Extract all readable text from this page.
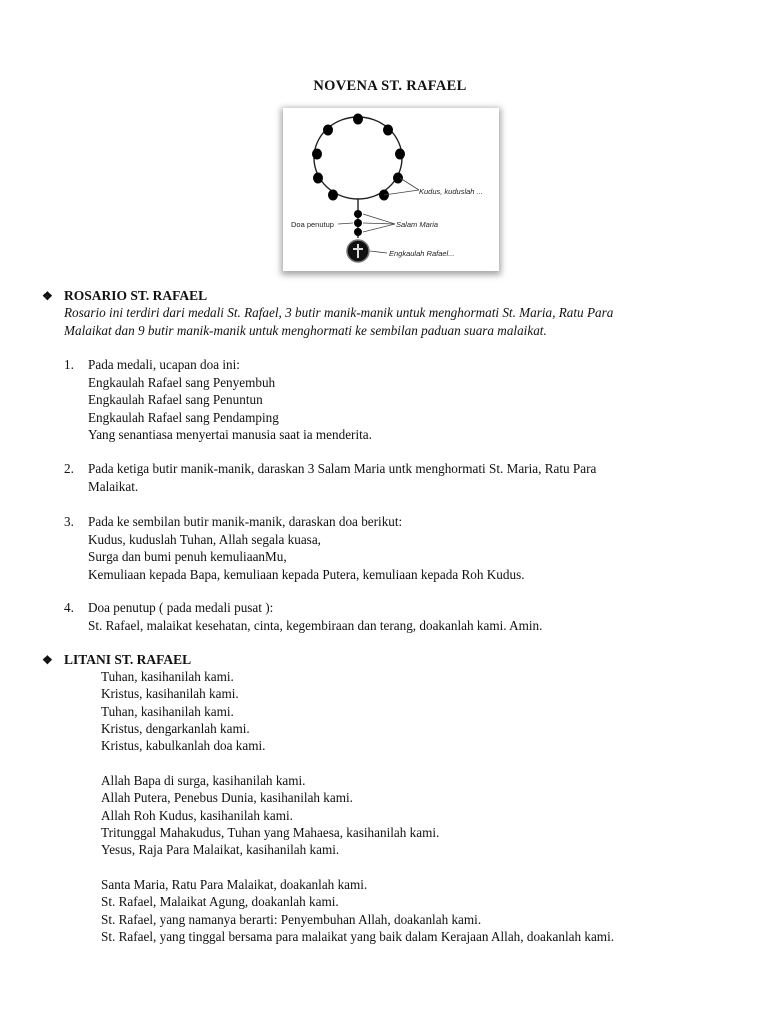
NOVENA ST. RAFAEL
Kudus, kuduslah ...
Doa penutup	Salam Maria
Engkaulah Rafael...
❖ ROSARIO ST. RAFAEL
Rosario ini terdiri dari medali St. Rafael, 3 butir manik-manik untuk menghormati St. Maria, Ratu Para
Malaikat dan 9 butir manik-manik untuk menghormati ke sembilan paduan suara malaikat.
1. Pada medali, ucapan doa ini:
Engkaulah Rafael sang Penyembuh
Engkaulah Rafael sang Penuntun
Engkaulah Rafael sang Pendamping
Yang senantiasa menyertai manusia saat ia menderita.
2. Pada ketiga butir manik-manik, daraskan 3 Salam Maria untk menghormati St. Maria, Ratu Para
Malaikat.
3. Pada ke sembilan butir manik-manik, daraskan doa berikut:
Kudus, kuduslah Tuhan, Allah segala kuasa,
Surga dan bumi penuh kemuliaanMu,
Kemuliaan kepada Bapa, kemuliaan kepada Putera, kemuliaan kepada Roh Kudus.
4. Doa penutup ( pada medali pusat ):
St. Rafael, malaikat kesehatan, cinta, kegembiraan dan terang, doakanlah kami. Amin.
❖ LITANI ST. RAFAEL
Tuhan, kasihanilah kami.
Kristus, kasihanilah kami.
Tuhan, kasihanilah kami.
Kristus, dengarkanlah kami.
Kristus, kabulkanlah doa kami.
Allah Bapa di surga, kasihanilah kami.
Allah Putera, Penebus Dunia, kasihanilah kami.
Allah Roh Kudus, kasihanilah kami.
Tritunggal Mahakudus, Tuhan yang Mahaesa, kasihanilah kami.
Yesus, Raja Para Malaikat, kasihanilah kami.
Santa Maria, Ratu Para Malaikat, doakanlah kami.
St. Rafael, Malaikat Agung, doakanlah kami.
St. Rafael, yang namanya berarti: Penyembuhan Allah, doakanlah kami.
St. Rafael, yang tinggal bersama para malaikat yang baik dalam Kerajaan Allah, doakanlah kami.
